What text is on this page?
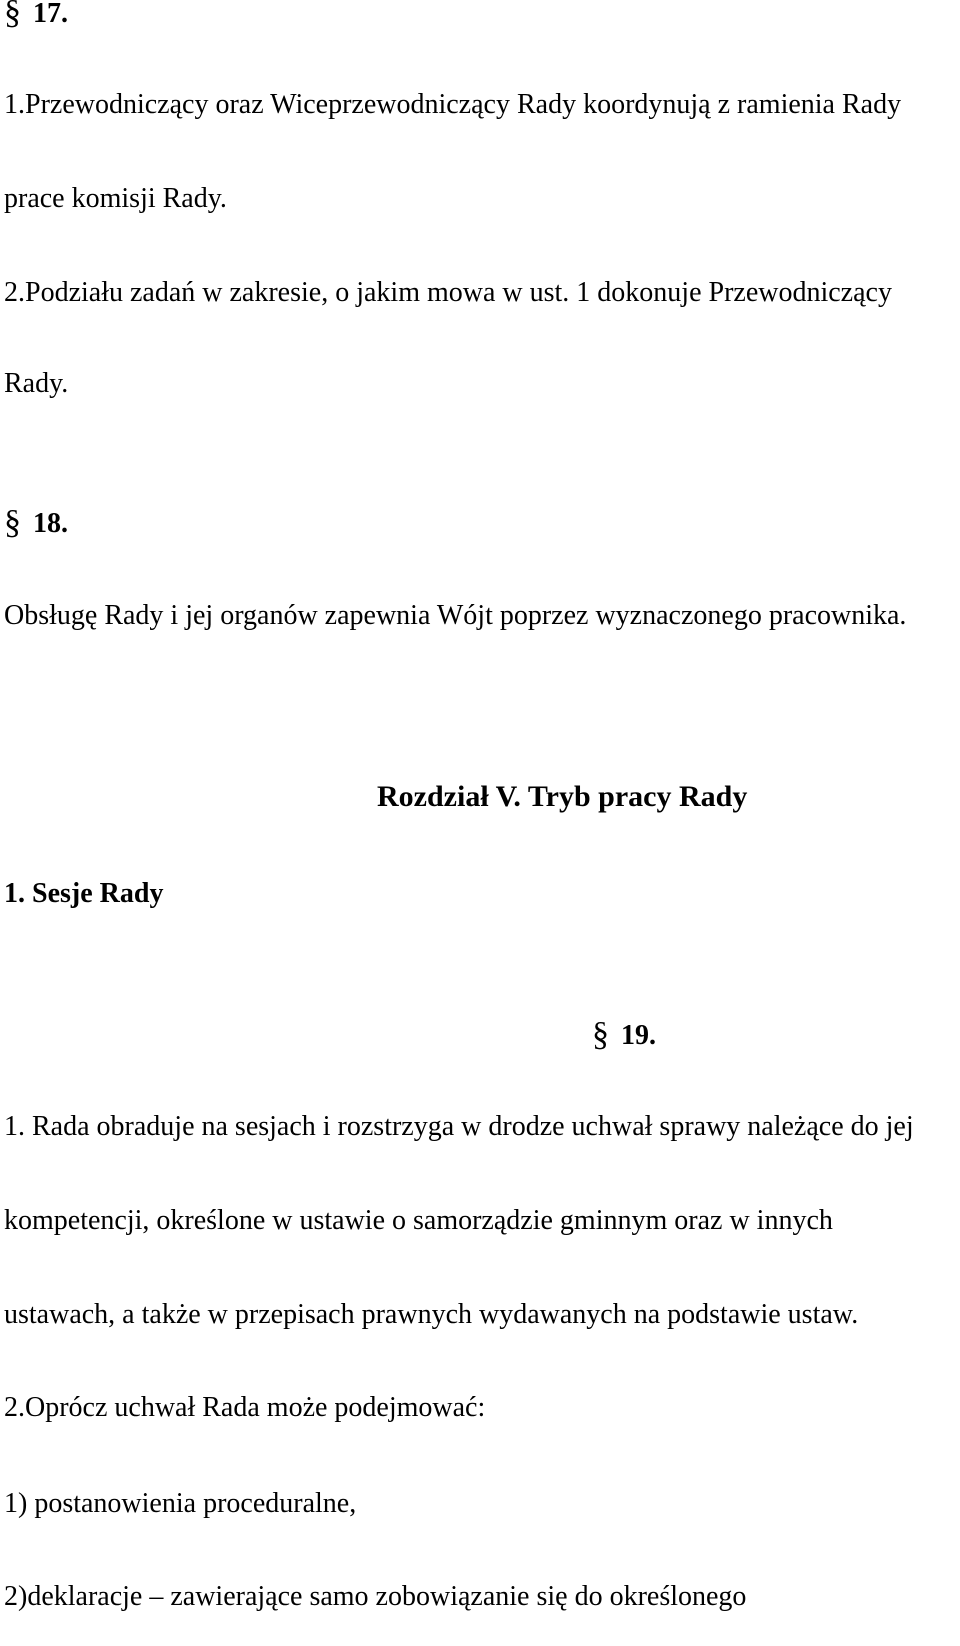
§ 17.
1.Przewodniczący oraz Wiceprzewodniczący Rady koordynują z ramienia Rady
prace komisji Rady.
2.Podziału zadań w zakresie, o jakim mowa w ust. 1 dokonuje Przewodniczący
Rady.
§ 18.
Obsługę Rady i jej organów zapewnia Wójt poprzez wyznaczonego pracownika.
Rozdział V. Tryb pracy Rady
1. Sesje Rady
§ 19.
1. Rada obraduje na sesjach i rozstrzyga w drodze uchwał sprawy należące do jej
kompetencji, określone w ustawie o samorządzie gminnym oraz w innych
ustawach, a także w przepisach prawnych wydawanych na podstawie ustaw.
2.Oprócz uchwał Rada może podejmować:
1) postanowienia proceduralne,
2)deklaracje – zawierające samo zobowiązanie się do określonego
